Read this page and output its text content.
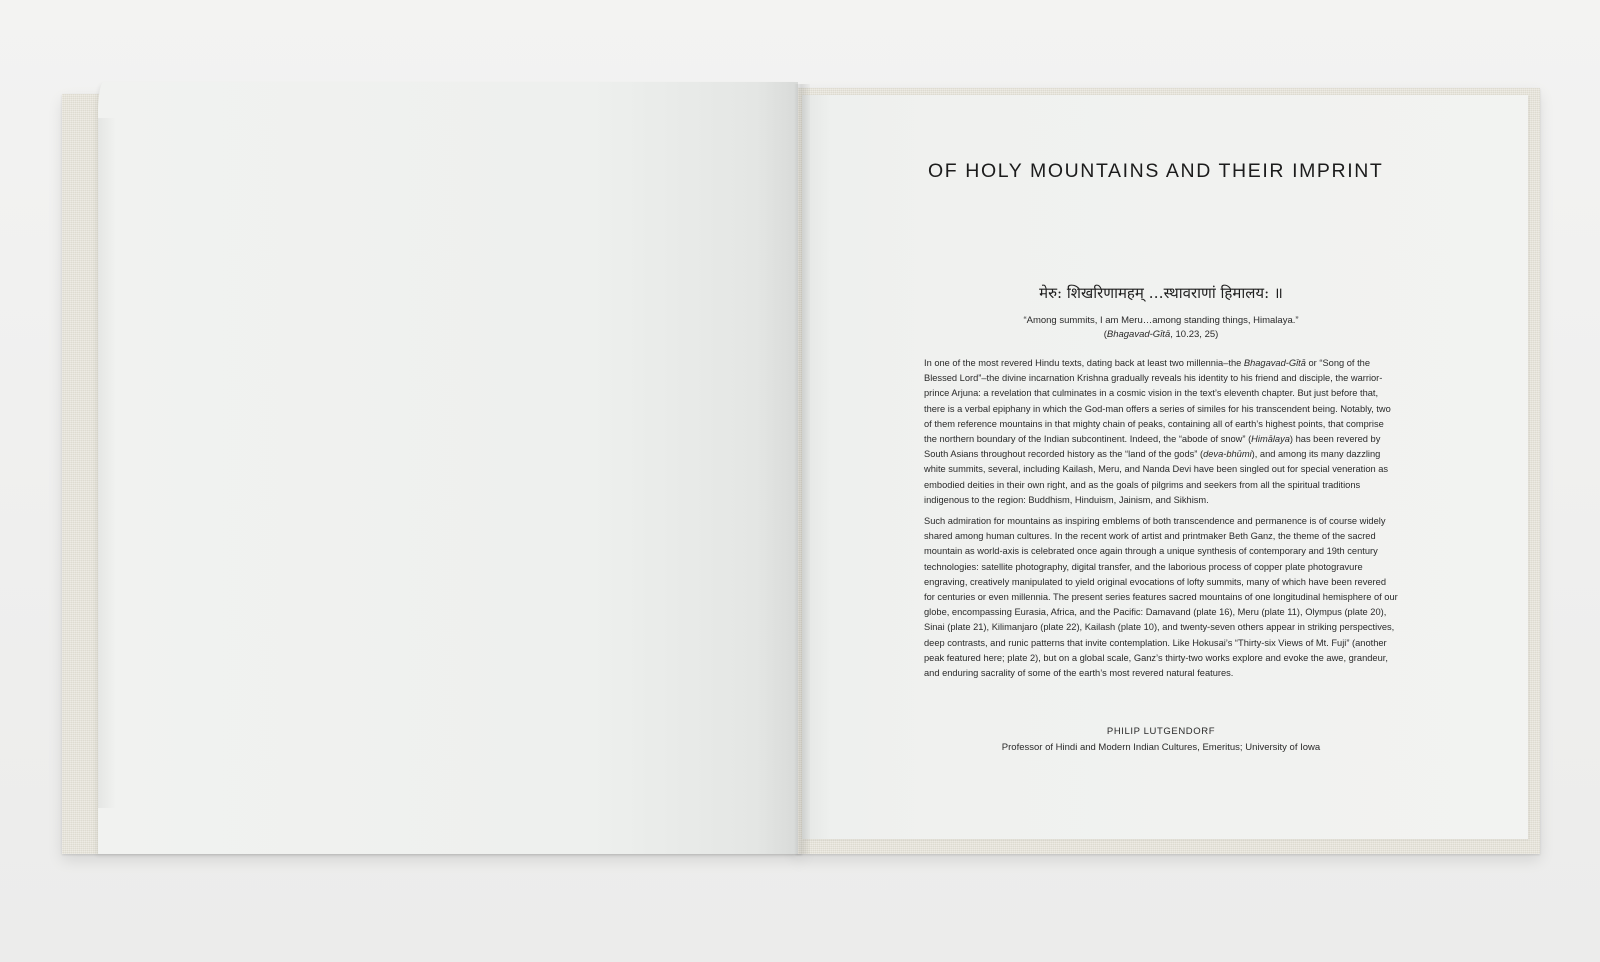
OF HOLY MOUNTAINS AND THEIR IMPRINT
मेरु: शिखरिणामहम् …स्थावराणां हिमालय: ॥
“Among summits, I am Meru…among standing things, Himalaya.”
(Bhagavad-Gītā, 10.23, 25)

In one of the most revered Hindu texts, dating back at least two millennia–the Bhagavad-Gītā or “Song of the Blessed Lord”–the divine incarnation Krishna gradually reveals his identity to his friend and disciple, the warrior-prince Arjuna: a revelation that culminates in a cosmic vision in the text’s eleventh chapter. But just before that, there is a verbal epiphany in which the God-man offers a series of similes for his transcendent being. Notably, two of them reference mountains in that mighty chain of peaks, containing all of earth’s highest points, that comprise the northern boundary of the Indian subcontinent. Indeed, the “abode of snow” (Himālaya) has been revered by South Asians throughout recorded history as the “land of the gods” (deva-bhūmi), and among its many dazzling white summits, several, including Kailash, Meru, and Nanda Devi have been singled out for special veneration as embodied deities in their own right, and as the goals of pilgrims and seekers from all the spiritual traditions indigenous to the region: Buddhism, Hinduism, Jainism, and Sikhism.

Such admiration for mountains as inspiring emblems of both transcendence and permanence is of course widely shared among human cultures. In the recent work of artist and printmaker Beth Ganz, the theme of the sacred mountain as world-axis is celebrated once again through a unique synthesis of contemporary and 19th century technologies: satellite photography, digital transfer, and the laborious process of copper plate photogravure engraving, creatively manipulated to yield original evocations of lofty summits, many of which have been revered for centuries or even millennia. The present series features sacred mountains of one longitudinal hemisphere of our globe, encompassing Eurasia, Africa, and the Pacific: Damavand (plate 16), Meru (plate 11), Olympus (plate 20), Sinai (plate 21), Kilimanjaro (plate 22), Kailash (plate 10), and twenty-seven others appear in striking perspectives, deep contrasts, and runic patterns that invite contemplation. Like Hokusai’s “Thirty-six Views of Mt. Fuji” (another peak featured here; plate 2), but on a global scale, Ganz’s thirty-two works explore and evoke the awe, grandeur, and enduring sacrality of some of the earth’s most revered natural features.

PHILIP LUTGENDORF
Professor of Hindi and Modern Indian Cultures, Emeritus; University of Iowa
